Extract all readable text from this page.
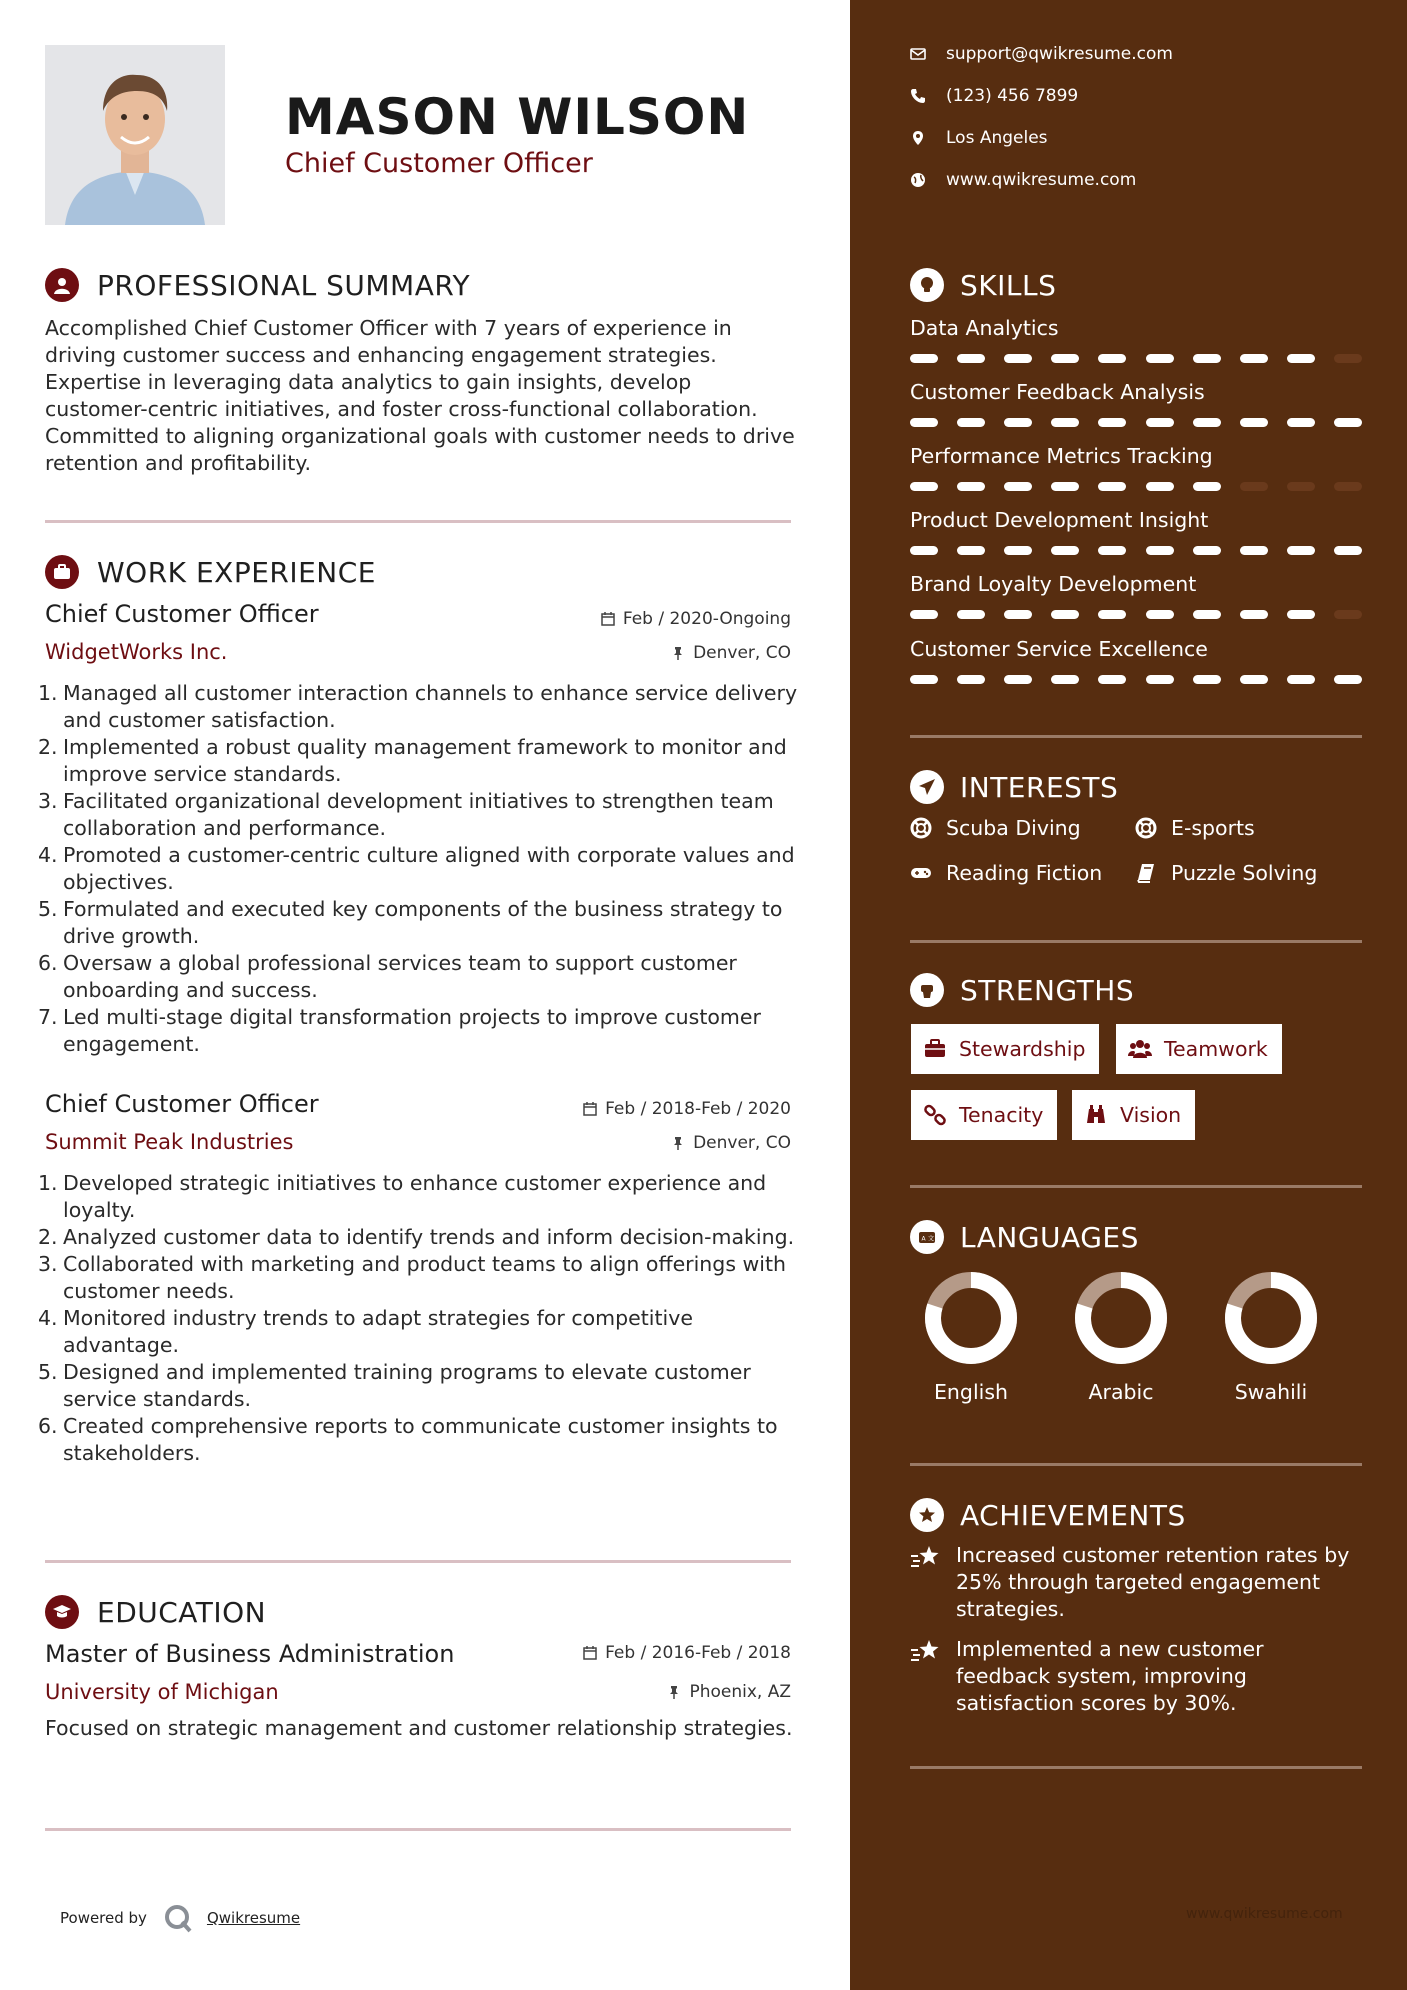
MASON WILSON
Chief Customer Officer
PROFESSIONAL SUMMARY
Accomplished Chief Customer Officer with 7 years of experience in driving customer success and enhancing engagement strategies. Expertise in leveraging data analytics to gain insights, develop customer-centric initiatives, and foster cross-functional collaboration. Committed to aligning organizational goals with customer needs to drive retention and profitability.
WORK EXPERIENCE
Chief Customer Officer	Feb / 2020-Ongoing
WidgetWorks Inc.	Denver, CO
1. Managed all customer interaction channels to enhance service delivery and customer satisfaction.
2. Implemented a robust quality management framework to monitor and improve service standards.
3. Facilitated organizational development initiatives to strengthen team collaboration and performance.
4. Promoted a customer-centric culture aligned with corporate values and objectives.
5. Formulated and executed key components of the business strategy to drive growth.
6. Oversaw a global professional services team to support customer onboarding and success.
7. Led multi-stage digital transformation projects to improve customer engagement.
Chief Customer Officer	Feb / 2018-Feb / 2020
Summit Peak Industries	Denver, CO
1. Developed strategic initiatives to enhance customer experience and loyalty.
2. Analyzed customer data to identify trends and inform decision-making.
3. Collaborated with marketing and product teams to align offerings with customer needs.
4. Monitored industry trends to adapt strategies for competitive advantage.
5. Designed and implemented training programs to elevate customer service standards.
6. Created comprehensive reports to communicate customer insights to stakeholders.
EDUCATION
Master of Business Administration	Feb / 2016-Feb / 2018
University of Michigan	Phoenix, AZ
Focused on strategic management and customer relationship strategies.
Powered by	Qwikresume
support@qwikresume.com
(123) 456 7899
Los Angeles
www.qwikresume.com
SKILLS
Data Analytics
Customer Feedback Analysis
Performance Metrics Tracking
Product Development Insight
Brand Loyalty Development
Customer Service Excellence
INTERESTS
Scuba Diving	E-sports
Reading Fiction	Puzzle Solving
STRENGTHS
Stewardship	Teamwork
Tenacity	Vision
A 文 LANGUAGES
English	Arabic	Swahili
ACHIEVEMENTS
Increased customer retention rates by 25% through targeted engagement strategies.
Implemented a new customer feedback system, improving satisfaction scores by 30%.
www.qwikresume.com
